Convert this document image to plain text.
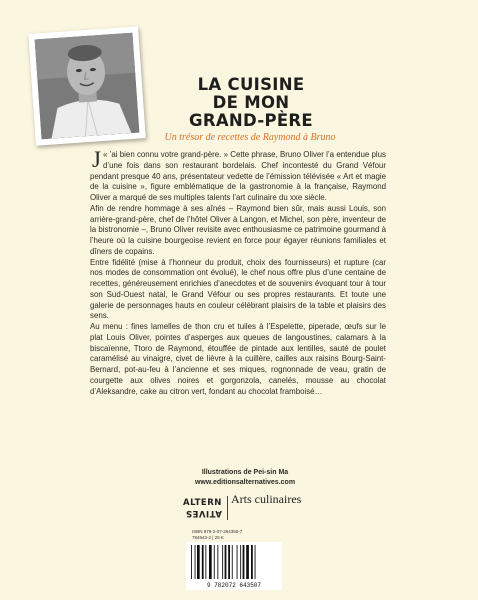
LA CUISINE
DE MON
GRAND-PÈRE
Un trésor de recettes de Raymond à Bruno

«
J ’ai bien connu votre grand-père. » Cette phrase, Bruno Oliver l’a entendue plus d’une fois dans son restaurant bordelais. Chef incontesté du Grand Véfour pendant presque 40 ans, présentateur vedette de l’émission télévisée « Art et magie de la cuisine », figure emblématique de la gastronomie à la française, Raymond Oliver a marqué de ses multiples talents l’art culinaire du xxe siècle.

Afin de rendre hommage à ses aînés – Raymond bien sûr, mais aussi Louis, son arrière-grand-père, chef de l’hôtel Oliver à Langon, et Michel, son père, inventeur de la bistronomie –, Bruno Oliver revisite avec enthousiasme ce patrimoine gourmand à l’heure où la cuisine bourgeoise revient en force pour égayer réunions familiales et dîners de copains.

Entre fidélité (mise à l’honneur du produit, choix des fournisseurs) et rupture (car nos modes de consommation ont évolué), le chef nous offre plus d’une centaine de recettes, généreusement enrichies d’anecdotes et de souvenirs évoquant tour à tour son Sud-Ouest natal, le Grand Véfour ou ses propres restaurants. Et toute une galerie de personnages hauts en couleur célébrant plaisirs de la table et plaisirs des sens.

Au menu : fines lamelles de thon cru et tuiles à l’Espelette, piperade, œufs sur le plat Louis Oliver, pointes d’asperges aux queues de langoustines, calamars à la biscaïenne, Ttoro de Raymond, étouffée de pintade aux lentilles, sauté de poulet caramélisé au vinaigre, civet de lièvre à la cuillère, cailles aux raisins Bourg-Saint-Bernard, pot-au-feu à l’ancienne et ses miques, rognonnade de veau, gratin de courgette aux olives noires et gorgonzola, canelés, mousse au chocolat d’Aleksandre, cake au citron vert, fondant au chocolat framboisé…

Illustrations de Pei-sin Ma
www.editionsalternatives.com
ALTERN
ATIVES
Arts culinaires
ISBN 978-2-07-264350-7
784643-2 | 25 €
9 782072 643507
